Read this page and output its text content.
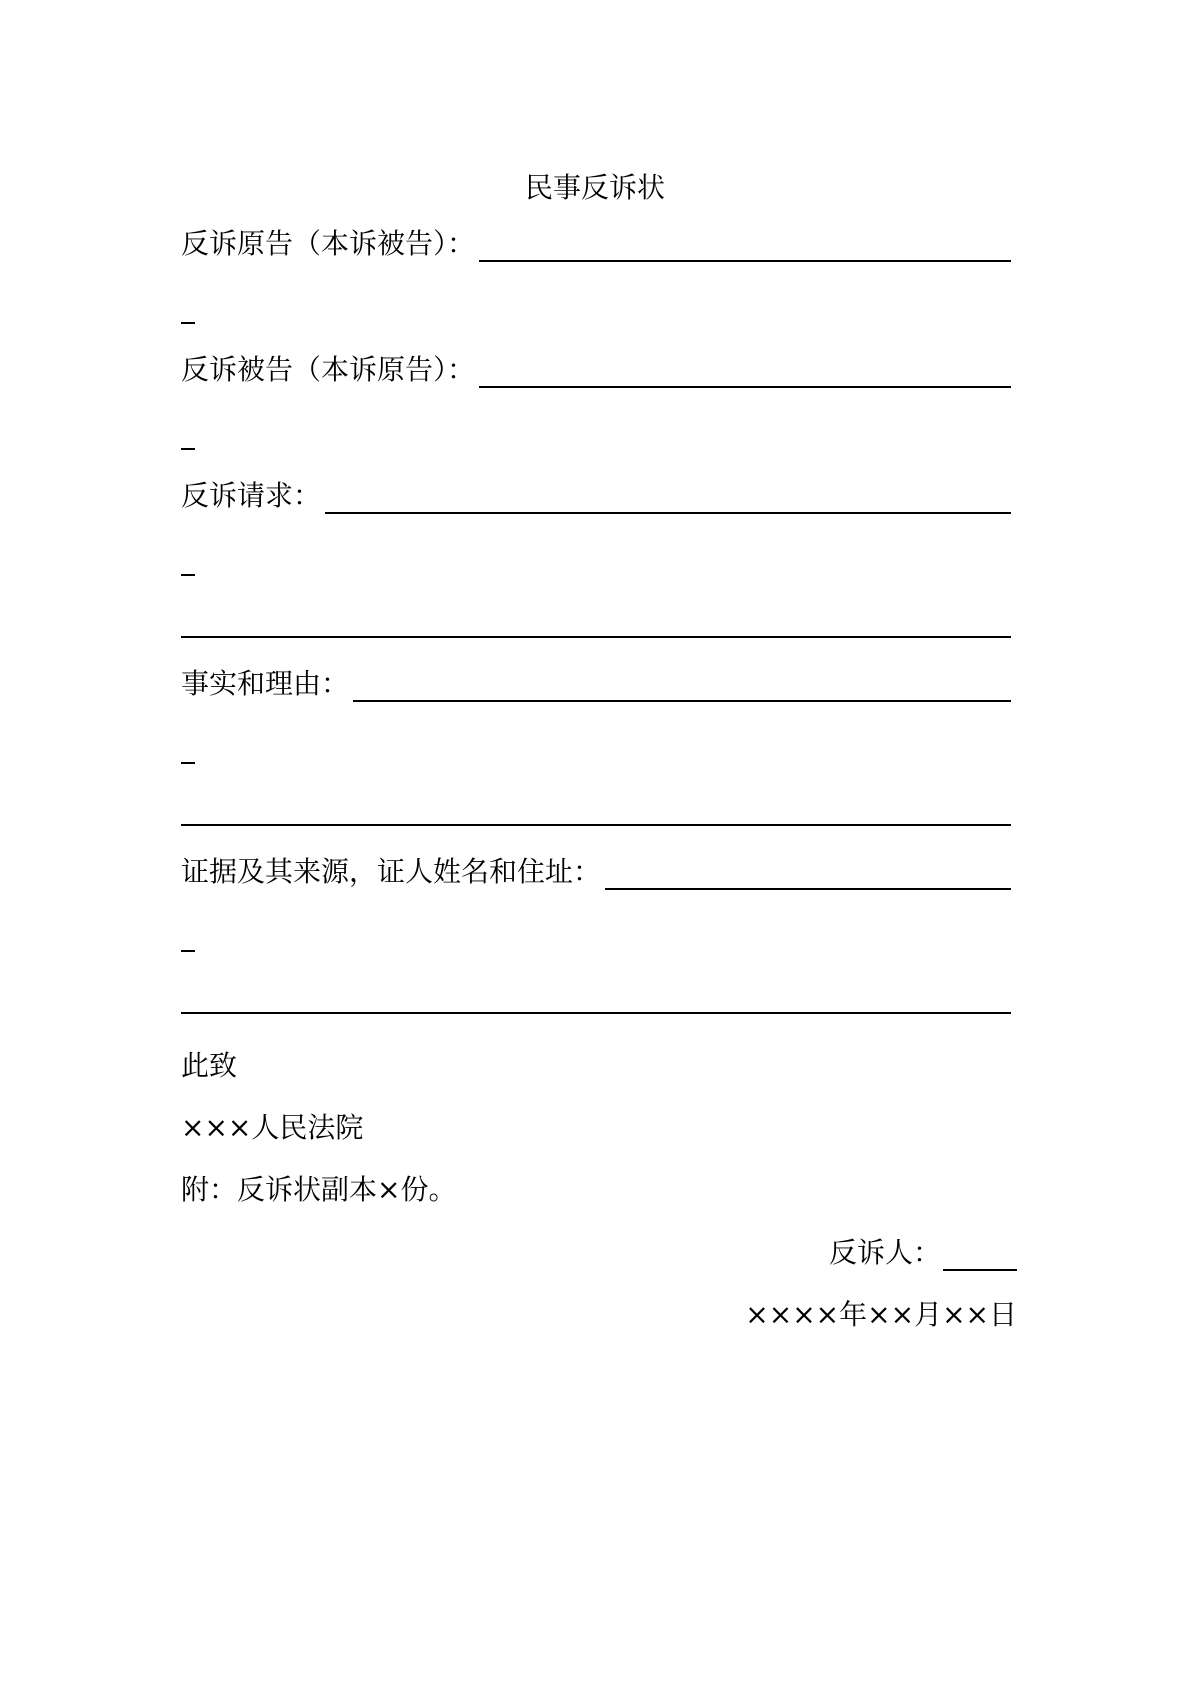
民事反诉状
反诉原告（本诉被告）：
反诉被告（本诉原告）：
反诉请求：
事实和理由：
证据及其来源，证人姓名和住址：
此致
×××人民法院
附：反诉状副本×份。
反诉人：
××××年××月××日
